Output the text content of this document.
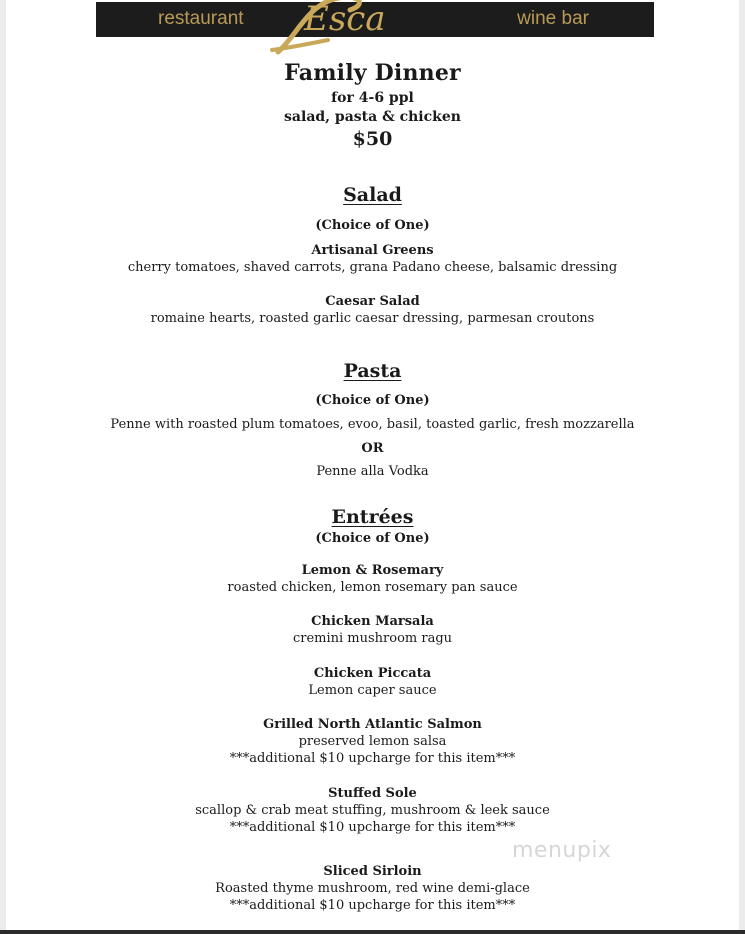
restaurant	wine bar
Esca
Family Dinner
for 4-6 ppl
salad, pasta & chicken
$50
Salad
(Choice of One)
Artisanal Greens
cherry tomatoes, shaved carrots, grana Padano cheese, balsamic dressing
Caesar Salad
romaine hearts, roasted garlic caesar dressing, parmesan croutons
Pasta
(Choice of One)
Penne with roasted plum tomatoes, evoo, basil, toasted garlic, fresh mozzarella
OR
Penne alla Vodka
Entrées
(Choice of One)
Lemon & Rosemary
roasted chicken, lemon rosemary pan sauce
Chicken Marsala
cremini mushroom ragu
Chicken Piccata
Lemon caper sauce
Grilled North Atlantic Salmon
preserved lemon salsa
***additional $10 upcharge for this item***
Stuffed Sole
scallop & crab meat stuffing, mushroom & leek sauce
***additional $10 upcharge for this item***
Sliced Sirloin
Roasted thyme mushroom, red wine demi-glace
***additional $10 upcharge for this item***
menupix
